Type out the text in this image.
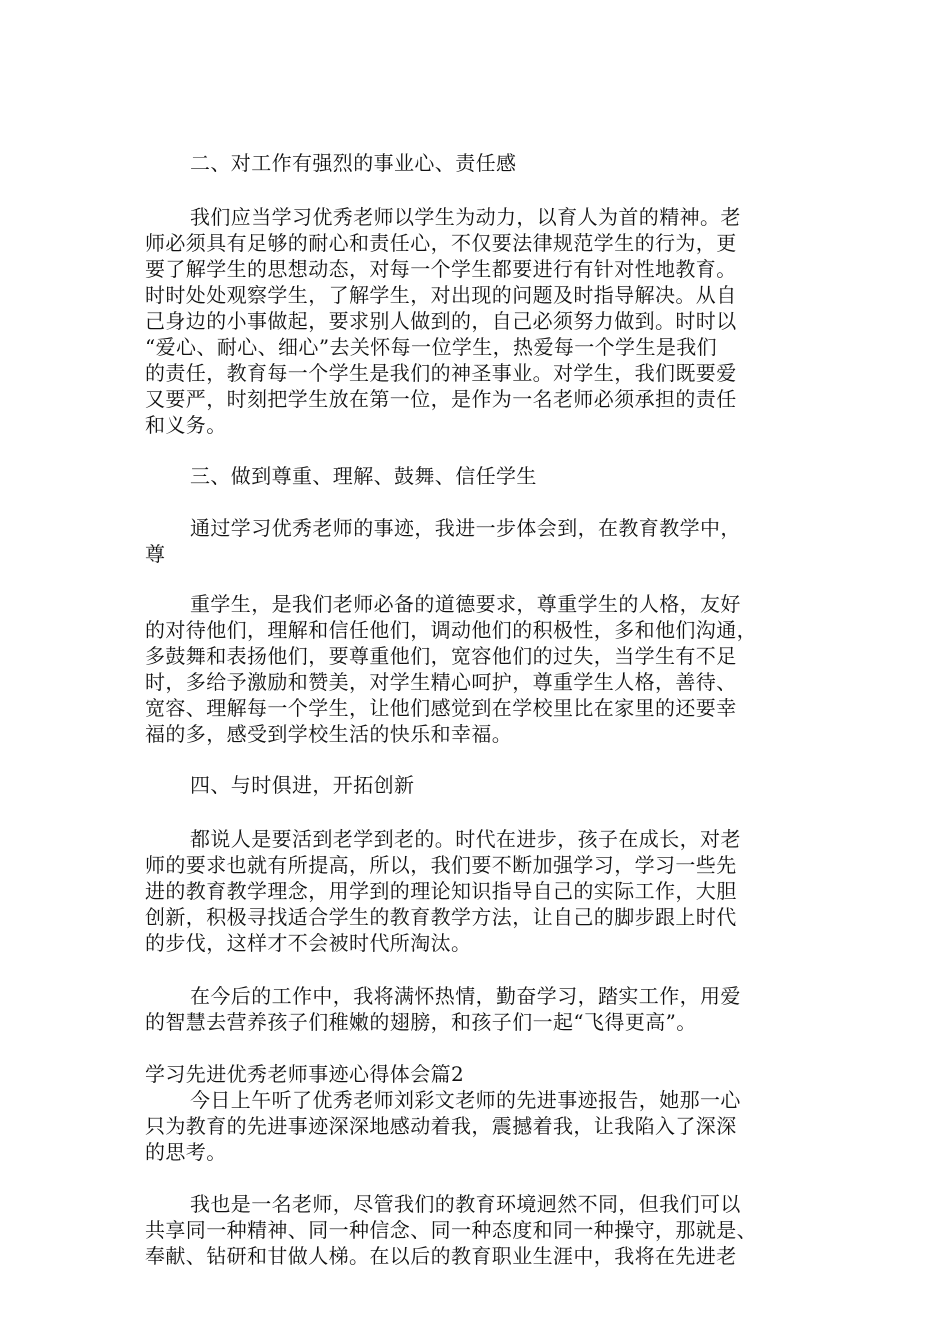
二、对工作有强烈的事业心、责任感
我们应当学习优秀老师以学生为动力，以育人为首的精神。老
师必须具有足够的耐心和责任心，不仅要法律规范学生的行为，更
要了解学生的思想动态，对每一个学生都要进行有针对性地教育。
时时处处观察学生，了解学生，对出现的问题及时指导解决。从自
己身边的小事做起，要求别人做到的，自己必须努力做到。时时以
“爱心、耐心、细心”去关怀每一位学生，热爱每一个学生是我们
的责任，教育每一个学生是我们的神圣事业。对学生，我们既要爱
又要严，时刻把学生放在第一位，是作为一名老师必须承担的责任
和义务。
三、做到尊重、理解、鼓舞、信任学生
通过学习优秀老师的事迹，我进一步体会到，在教育教学中，
尊
重学生，是我们老师必备的道德要求，尊重学生的人格，友好
的对待他们，理解和信任他们，调动他们的积极性，多和他们沟通，
多鼓舞和表扬他们，要尊重他们，宽容他们的过失，当学生有不足
时，多给予激励和赞美，对学生精心呵护，尊重学生人格，善待、
宽容、理解每一个学生，让他们感觉到在学校里比在家里的还要幸
福的多，感受到学校生活的快乐和幸福。
四、与时俱进，开拓创新
都说人是要活到老学到老的。时代在进步，孩子在成长，对老
师的要求也就有所提高，所以，我们要不断加强学习，学习一些先
进的教育教学理念，用学到的理论知识指导自己的实际工作，大胆
创新，积极寻找适合学生的教育教学方法，让自己的脚步跟上时代
的步伐，这样才不会被时代所淘汰。
在今后的工作中，我将满怀热情，勤奋学习，踏实工作，用爱
的智慧去营养孩子们稚嫩的翅膀，和孩子们一起“飞得更高”。
学习先进优秀老师事迹心得体会篇2
今日上午听了优秀老师刘彩文老师的先进事迹报告，她那一心
只为教育的先进事迹深深地感动着我，震撼着我，让我陷入了深深
的思考。
我也是一名老师，尽管我们的教育环境迥然不同，但我们可以
共享同一种精神、同一种信念、同一种态度和同一种操守，那就是、
奉献、钻研和甘做人梯。在以后的教育职业生涯中，我将在先进老
